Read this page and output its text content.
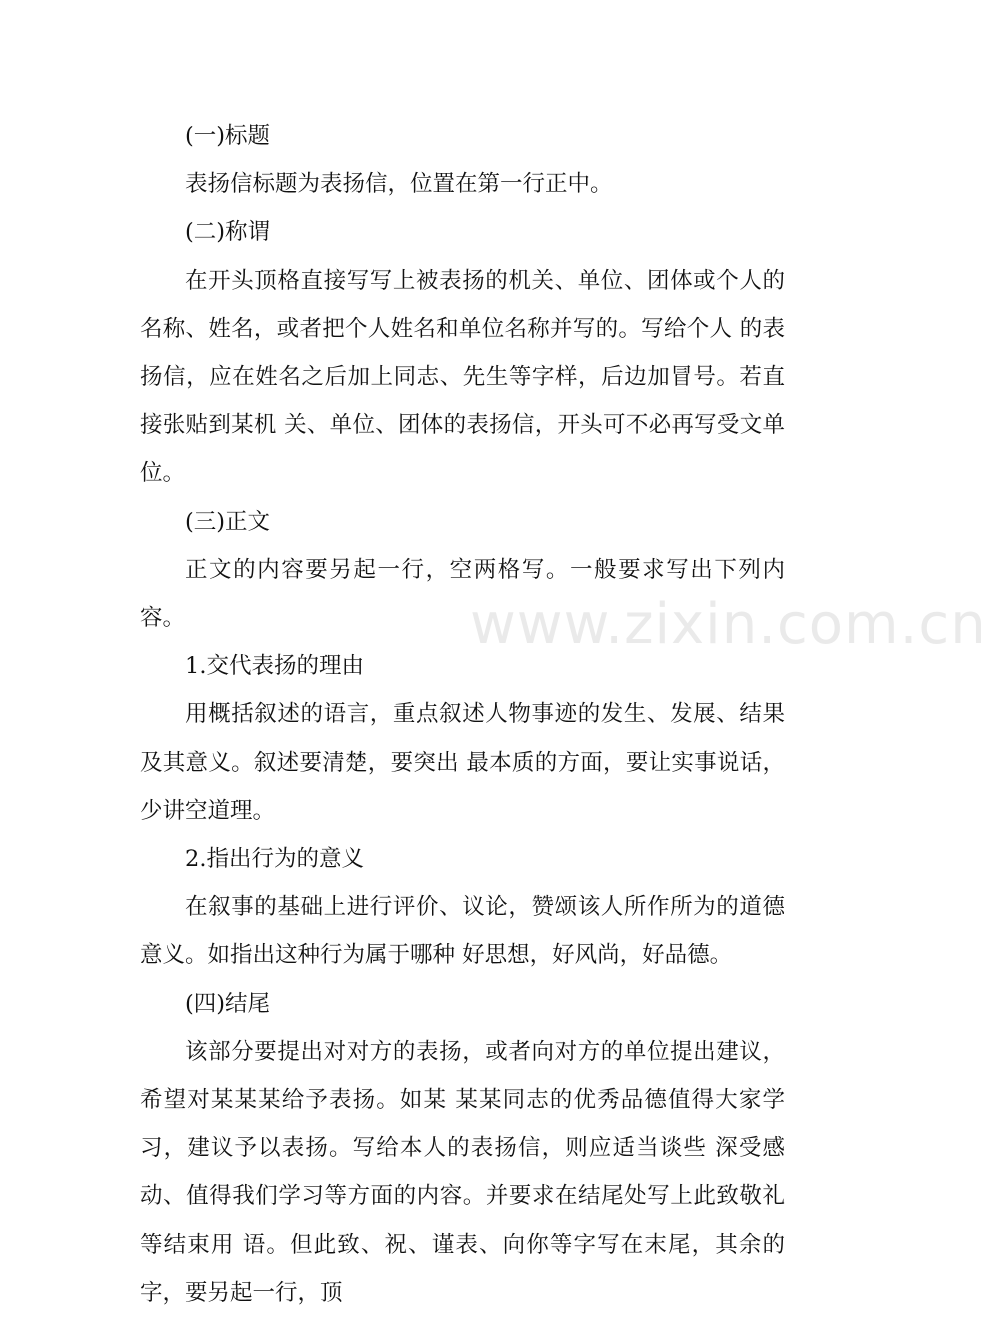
(一)标题

表扬信标题为表扬信，位置在第一行正中。

(二)称谓

在开头顶格直接写写上被表扬的机关、单位、团体或个人的名称、姓名，或者把个人姓名和单位名称并写的。写给个人 的表扬信，应在姓名之后加上同志、先生等字样，后边加冒号。若直接张贴到某机 关、单位、团体的表扬信，开头可不必再写受文单位。

(三)正文

正文的内容要另起一行，空两格写。一般要求写出下列内容。

1.交代表扬的理由

用概括叙述的语言，重点叙述人物事迹的发生、发展、结果及其意义。叙述要清楚，要突出 最本质的方面，要让实事说话，少讲空道理。

2.指出行为的意义

在叙事的基础上进行评价、议论，赞颂该人所作所为的道德意义。如指出这种行为属于哪种 好思想，好风尚，好品德。

(四)结尾

该部分要提出对对方的表扬，或者向对方的单位提出建议，希望对某某某给予表扬。如某 某某同志的优秀品德值得大家学习，建议予以表扬。写给本人的表扬信，则应适当谈些 深受感动、值得我们学习等方面的内容。并要求在结尾处写上此致敬礼等结束用 语。但此致、祝、谨表、向你等字写在末尾，其余的字，要另起一行，顶

www.zixin.com.cn
